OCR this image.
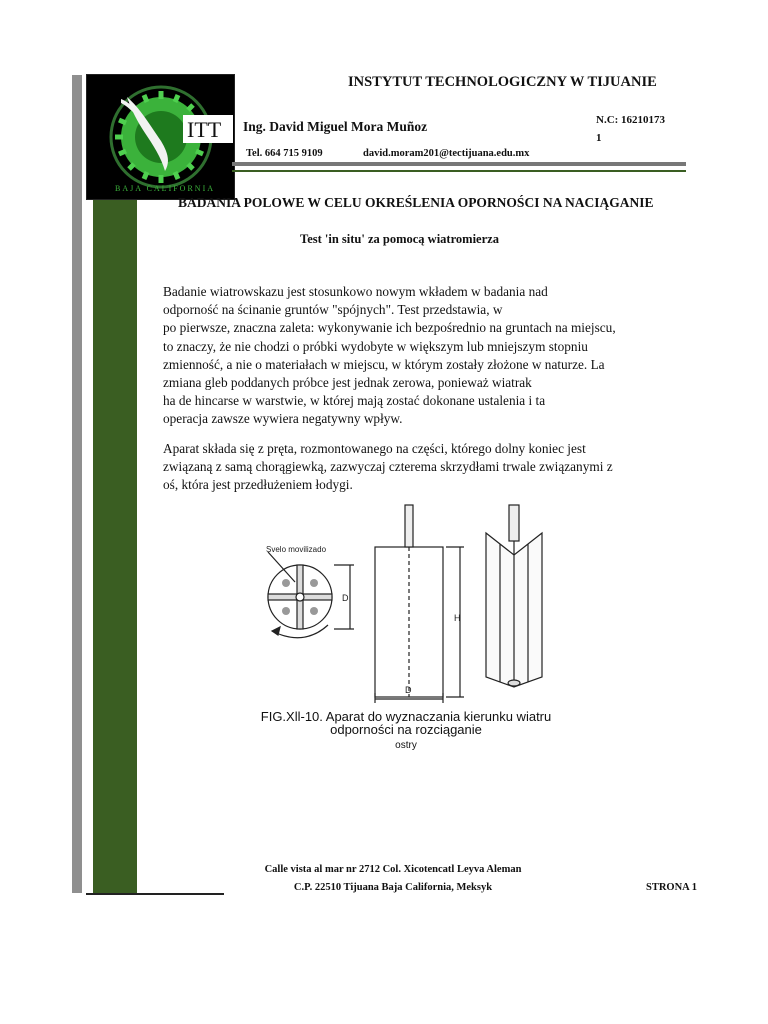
ITT
BAJA CALIFORNIA
INSTYTUT TECHNOLOGICZNY W TIJUANIE
Ing. David Miguel Mora Muñoz	N.C: 16210173
1
Tel. 664 715 9109	david.moram201@tectijuana.edu.mx
BADANIA POLOWE W CELU OKREŚLENIA OPORNOŚCI NA NACIĄGANIE
Test 'in situ' za pomocą wiatromierza
Badanie wiatrowskazu jest stosunkowo nowym wkładem w badania nad
odporność na ścinanie gruntów "spójnych". Test przedstawia, w
po pierwsze, znaczna zaleta: wykonywanie ich bezpośrednio na gruntach na miejscu,
to znaczy, że nie chodzi o próbki wydobyte w większym lub mniejszym stopniu
zmienność, a nie o materiałach w miejscu, w którym zostały złożone w naturze. La
zmiana gleb poddanych próbce jest jednak zerowa, ponieważ wiatrak
ha de hincarse w warstwie, w której mają zostać dokonane ustalenia i ta
operacja zawsze wywiera negatywny wpływ.
Aparat składa się z pręta, rozmontowanego na części, którego dolny koniec jest
związaną z samą chorągiewką, zazwyczaj czterema skrzydłami trwale związanymi z
oś, która jest przedłużeniem łodygi.
Svelo movilizado
D
H
D
FIG.Xll-10. Aparat do wyznaczania kierunku wiatru
odporności na rozciąganie
ostry
Calle vista al mar nr 2712 Col. Xicotencatl Leyva Aleman
C.P. 22510 Tijuana Baja California, Meksyk	STRONA 1
